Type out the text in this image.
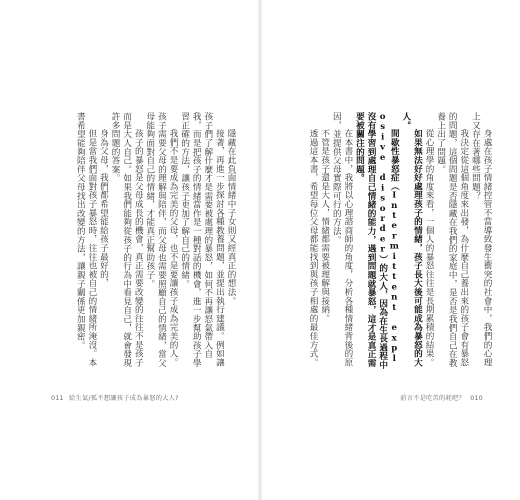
隱藏在此負面情緒中子女則又經真正的想法。

接著，再進一步探討各種教養問題，並提出執行建議。例如讓孩子們了解什麼才是需要被處理的暴怒，如何不再讓怒氣帶入自我，而是把孩子的情緒當作是一種對話的機會，進一步幫助孩子學習正確的方法，讓孩子更加了解自己的情緒。

我們不是要成為完美的父母，也不是要讓孩子成為完美的人。孩子需要父母的理解與陪伴，而父母也需要照顧自己的情緒，當父母能夠面對自己的情緒，才能真正幫助孩子。

孩子的暴怒是父母成長的機會，真正需要改變的往往不是孩子而是大人自己。如果我們能夠從孩子的行為中看見自己，就會發現許多問題的答案。

身為父母，我們都希望能給孩子最好的，

但是當我們面對孩子暴怒時，往往也被自己的情緒所淹沒。本書希望能夠陪伴父母找出改變的方法，讓親子關係更加親密。

011 給生氣/孤不想讓孩子成為暴怒的大人?

身處在孩子情緒控管不當導致發生衝突的社會中，我們的心理上又存在著哪些問題？

我決定從這個角度來出發，為什麼自己養出來的孩子會有暴怒的問題，這個問題是否隱藏在我們的家庭中，是否是我們自己在教養上出了問題。

從心理學的角度來看，一個人的暴怒往往是長期累積的結果。

如果無法好好處理孩子的情緒，孩子長大後可能成為暴怒的大人。

間歇性暴怒症（Intermittent explosive disorder）的大人，因為在生長過程中沒有學習到處理自己情緒的能力，遇到問題就暴怒，這才是真正需要被關注的問題。

在本書中，我將以心理諮商師的角度，分析各種情緒背後的原因，並提供父母實際可行的方法。

不管是孩子還是大人，情緒都需要被理解與接納。

透過這本書，希望每位父母都能找到與孩子相處的最佳方式。

前言不是吃苦的耗吧？ 010
